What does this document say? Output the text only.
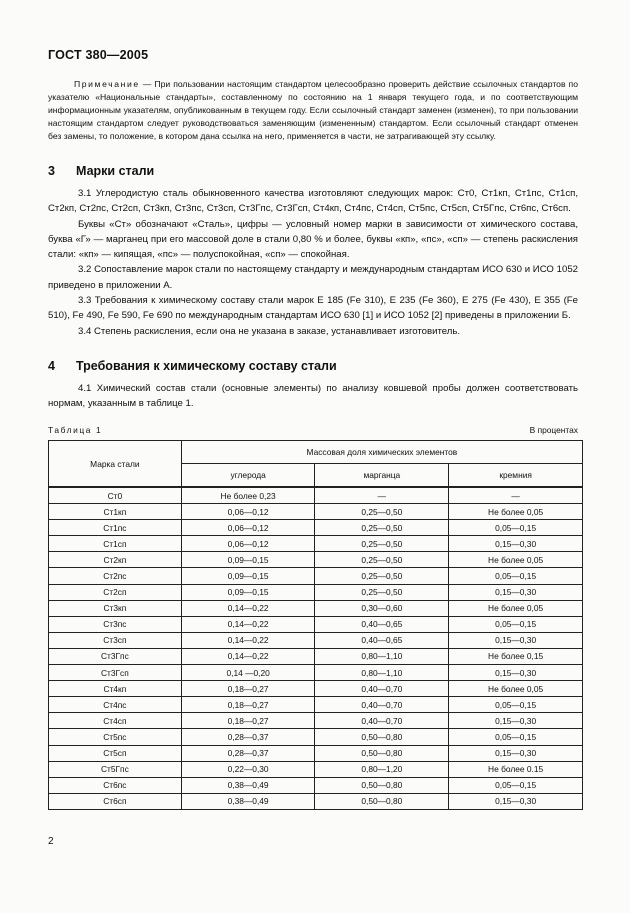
ГОСТ 380—2005
Примечание — При пользовании настоящим стандартом целесообразно проверить действие ссылочных стандартов по указателю «Национальные стандарты», составленному по состоянию на 1 января текущего года, и по соответствующим информационным указателям, опубликованным в текущем году. Если ссылочный стандарт заменен (изменен), то при пользовании настоящим стандартом следует руководствоваться заменяющим (измененным) стандартом. Если ссылочный стандарт отменен без замены, то положение, в котором дана ссылка на него, применяется в части, не затрагивающей эту ссылку.
3 Марки стали

3.1 Углеродистую сталь обыкновенного качества изготовляют следующих марок: Ст0, Ст1кп, Ст1пс, Ст1сп, Ст2кп, Ст2пс, Ст2сп, Ст3кп, Ст3пс, Ст3сп, Ст3Гпс, Ст3Гсп, Ст4кп, Ст4пс, Ст4сп, Ст5пс, Ст5сп, Ст5Гпс, Ст6пс, Ст6сп.

Буквы «Ст» обозначают «Сталь», цифры — условный номер марки в зависимости от химического состава, буква «Г» — марганец при его массовой доле в стали 0,80 % и более, буквы «кп», «пс», «сп» — степень раскисления стали: «кп» — кипящая, «пс» — полуспокойная, «сп» — спокойная.

3.2 Сопоставление марок стали по настоящему стандарту и международным стандартам ИСО 630 и ИСО 1052 приведено в приложении А.

3.3 Требования к химическому составу стали марок Е 185 (Fe 310), Е 235 (Fe 360), Е 275 (Fe 430), Е 355 (Fe 510), Fe 490, Fe 590, Fe 690 по международным стандартам ИСО 630 [1] и ИСО 1052 [2] приведены в приложении Б.

3.4 Степень раскисления, если она не указана в заказе, устанавливает изготовитель.

4 Требования к химическому составу стали

4.1 Химический состав стали (основные элементы) по анализу ковшевой пробы должен соответствовать нормам, указанным в таблице 1.

Таблица 1	В процентах
Марка стали	Массовая доля химических элементов		
	углерода	марганца	кремния
Ст0	Не более 0,23	—	—
Ст1кп	0,06—0,12	0,25—0,50	Не более 0,05
Ст1пс	0,06—0,12	0,25—0,50	0,05—0,15
Ст1сп	0,06—0,12	0,25—0,50	0,15—0,30
Ст2кп	0,09—0,15	0,25—0,50	Не более 0,05
Ст2пс	0,09—0,15	0,25—0,50	0,05—0,15
Ст2сп	0,09—0,15	0,25—0,50	0,15—0,30
Ст3кп	0,14—0,22	0,30—0,60	Не более 0,05
Ст3пс	0,14—0,22	0,40—0,65	0,05—0,15
Ст3сп	0,14—0,22	0,40—0,65	0,15—0,30
Ст3Гпс	0,14—0,22	0,80—1,10	Не более 0,15
Ст3Гсп	0,14 —0,20	0,80—1,10	0,15—0,30
Ст4кп	0,18—0,27	0,40—0,70	Не более 0,05
Ст4пс	0,18—0,27	0,40—0,70	0,05—0,15
Ст4сп	0,18—0,27	0,40—0,70	0,15—0,30
Ст5пс	0,28—0,37	0,50—0,80	0,05—0,15
Ст5сп	0,28—0,37	0,50—0,80	0,15—0,30
Ст5Гпс	0,22—0,30	0,80—1,20	Не более 0.15
Ст6пс	0,38—0,49	0,50—0,80	0,05—0,15
Ст6сп	0,38—0,49	0,50—0,80	0,15—0,30
2
